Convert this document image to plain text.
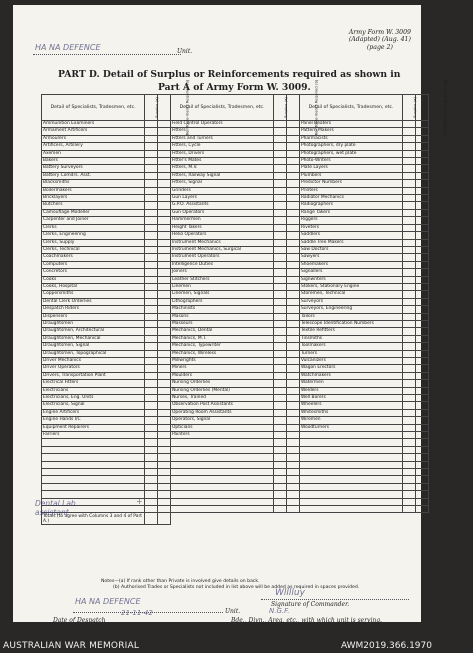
HA NA DEFENCE	Unit.
Army Form W. 3009
(Adapted) (Aug. 41)
(page 2)
PART D. Detail of Surplus or Reinforcements required as shown in
Part A of Army Form W. 3009.
Detail of Specialists, Tradesmen, etc.	Surplus (a)	Reinforce-ments Required (b)	Detail of Specialists, Tradesmen, etc.	Surplus (a)	Reinforce-ments Required (b)	Detail of Specialists, Tradesmen, etc.	Surplus (a)	Reinforce-ments Required (b)
Ammunition Examiners			Field Control Operators			Panel Beaters		
Armament Artificers			Fitters			Pattern Makers		
Armourers			Fitters and Turners			Pharmacists		
Artificers, Artillery			Fitters, Cycle			Photographers, dry plate		
Axemen			Fitters, Drivers			Photographers, wet plate		
Bakers			Fitter's Mates			Photo-Writers		
Battery Surveyors			Fitters, M.V.			Plate Layers		
Battery Comdrs. Asst.			Fitters, Railway Signal			Plumbers		
Blacksmiths			Fitters, Signal			Predictor Numbers		
Boilermakers			Grinders			Printers		
Bricklayers			Gun Layers			Radiator Mechanics		
Butchers			G.P.O. Assistants			Radiographers		
Camouflage Modeller			Gun Operators			Range Takers		
Carpenter and Joiner			Hammermen			Riggers		
Clerks			Height Takers			Riveters		
Clerks, Engineering			Helio Operators			Saddlers		
Clerks, Supply			Instrument Mechanics			Saddle Tree Makers		
Clerks, Technical			Instrument Mechanics, Surgical			Saw Doctors		
Coachmakers			Instrument Operators			Sawyers		
Computers			Intelligence Duties			Shoemakers		
Concretors			Joiners			Signallers		
Cooks			Leather Stitchers			Signwriters		
Cooks, Hospital			Linemen			Stokers, Stationary Engine		
Coppersmiths			Linemen, Signals			Storemen, Technical		
Dental Clerk Orderlies			Lithographers			Surveyors		
Despatch Riders			Machinists			Surveyors, Engineering		
Dispensers			Masons			Tailors		
Draughtsmen			Masseurs			Telescope Identification Numbers		
Draughtsmen, Architectural			Mechanics, Dental			Textile Refitters		
Draughtsmen, Mechanical			Mechanics, M.T.			Tinsmiths		
Draughtsmen, Signal			Mechanics, Typewriter			Toolmakers		
Draughtsmen, Topographical			Mechanics, Wireless			Turners		
Driver Mechanics			Millwrights			Vulcanizers		
Driver Operators			Miners			Wagon Erectors		
Drivers, Transportation Plant			Moulders			Watchmakers		
Electrical Fitters			Nursing Orderlies			Watermen		
Electricians			Nursing Orderlies (Mental)			Welders		
Electricians, Eng. Units			Nurses, Trained			Well Borers		
Electricians, Signal			Observation Post Assistants			Wheelers		
Engine Artificers			Operating Room Assistants			Whitesmiths		
Engine Hands I/C			Operators, Signal			Wiremen		
Equipment Repairers			Opticians			Woodturners		
Farriers			Painters					

Totals (to agree with Columns 3 and 4 of Part A.)								
Dental Lab
assistant
+
Notes—(a) If rank other than Private is involved give details on back.
(b) Authorised Trades or Specialists not included in list above will be added as required in spaces provided.
Wlllluy
Signature of Commander.
HA NA DEFENCE
Unit.
21-11-42
Date of Despatch
N.G.F.
Bde., Divn., Area, etc., with which unit is serving.
AUSTRALIAN WAR MEMORIAL	AWM2019.366.1970
